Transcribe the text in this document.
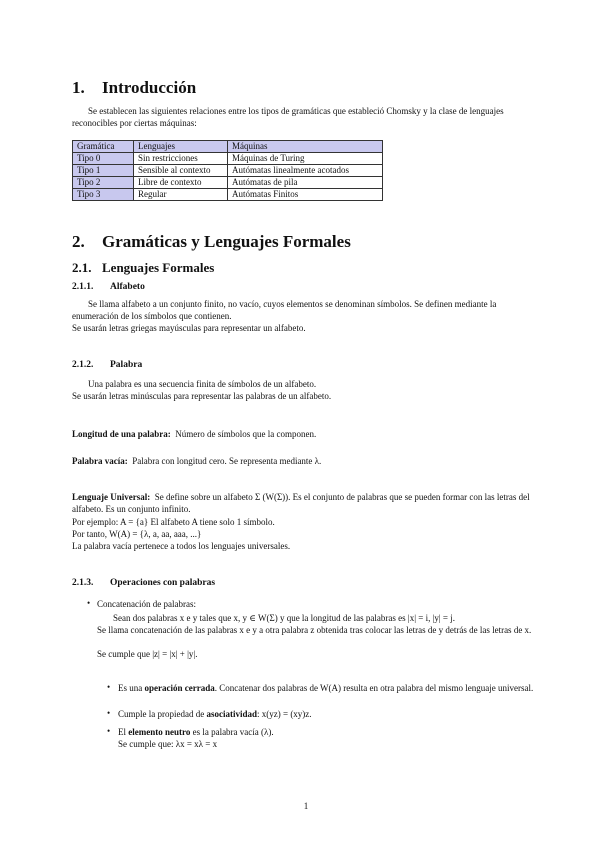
1. Introducción
Se establecen las siguientes relaciones entre los tipos de gramáticas que estableció Chomsky y la clase de lenguajes reconocibles por ciertas máquinas:
Gramática	Lenguajes	Máquinas
Tipo 0	Sin restricciones	Máquinas de Turing
Tipo 1	Sensible al contexto	Autómatas linealmente acotados
Tipo 2	Libre de contexto	Autómatas de pila
Tipo 3	Regular	Autómatas Finitos
2. Gramáticas y Lenguajes Formales
2.1. Lenguajes Formales
2.1.1. Alfabeto
Se llama alfabeto a un conjunto finito, no vacío, cuyos elementos se denominan símbolos. Se definen mediante la enumeración de los símbolos que contienen.
Se usarán letras griegas mayúsculas para representar un alfabeto.
2.1.2. Palabra
Una palabra es una secuencia finita de símbolos de un alfabeto.
Se usarán letras minúsculas para representar las palabras de un alfabeto.
Longitud de una palabra: Número de símbolos que la componen.
Palabra vacía: Palabra con longitud cero. Se representa mediante λ.
Lenguaje Universal: Se define sobre un alfabeto Σ (W(Σ)). Es el conjunto de palabras que se pueden formar con las letras del alfabeto. Es un conjunto infinito.
Por ejemplo: A = {a} El alfabeto A tiene solo 1 símbolo.
Por tanto, W(A) = {λ, a, aa, aaa, ...}
La palabra vacía pertenece a todos los lenguajes universales.
2.1.3. Operaciones con palabras
• Concatenación de palabras:
Sean dos palabras x e y tales que x, y ∈ W(Σ) y que la longitud de las palabras es |x| = i, |y| = j.
Se llama concatenación de las palabras x e y a otra palabra z obtenida tras colocar las letras de y detrás de las letras de x.
Se cumple que |z| = |x| + |y|.
• Es una operación cerrada. Concatenar dos palabras de W(A) resulta en otra palabra del mismo lenguaje universal.
• Cumple la propiedad de asociatividad: x(yz) = (xy)z.
• El elemento neutro es la palabra vacía (λ).
Se cumple que: λx = xλ = x
1
